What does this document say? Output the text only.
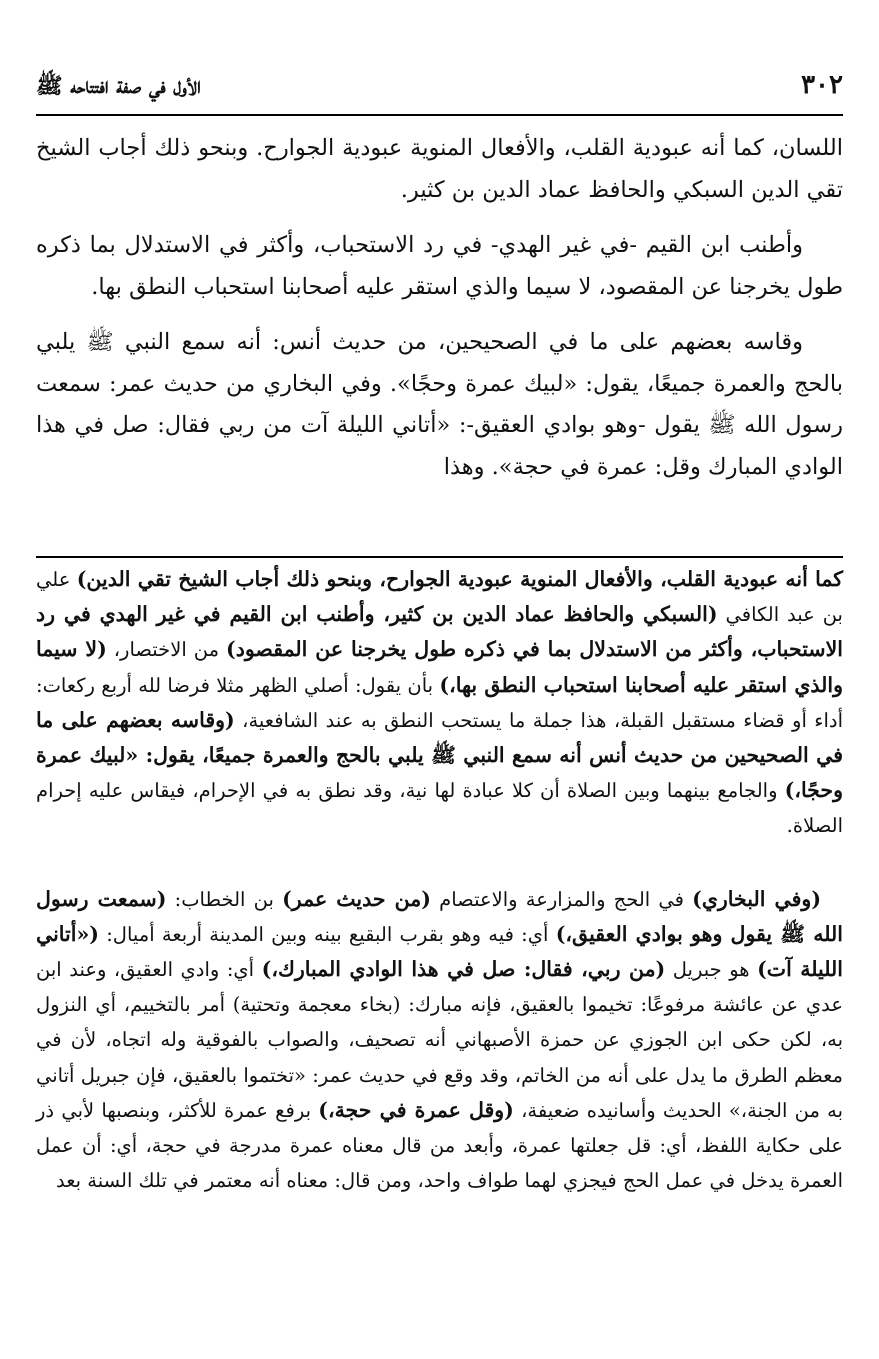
٣٠٢
الأول في صفة افتتاحه ﷺ

اللسان، كما أنه عبودية القلب، والأفعال المنوية عبودية الجوارح. وبنحو ذلك أجاب الشيخ تقي الدين السبكي والحافظ عماد الدين بن كثير.

وأطنب ابن القيم -في غير الهدي- في رد الاستحباب، وأكثر في الاستدلال بما ذكره طول يخرجنا عن المقصود، لا سيما والذي استقر عليه أصحابنا استحباب النطق بها.

وقاسه بعضهم على ما في الصحيحين، من حديث أنس: أنه سمع النبي ﷺ يلبي بالحج والعمرة جميعًا، يقول: «لبيك عمرة وحجًا». وفي البخاري من حديث عمر: سمعت رسول الله ﷺ يقول -وهو بوادي العقيق-: «أتاني الليلة آت من ربي فقال: صل في هذا الوادي المبارك وقل: عمرة في حجة». وهذا

كما أنه عبودية القلب، والأفعال المنوية عبودية الجوارح، وبنحو ذلك أجاب الشيخ تقي الدين) علي بن عبد الكافي (السبكي والحافظ عماد الدين بن كثير، وأطنب ابن القيم في غير الهدي في رد الاستحباب، وأكثر من الاستدلال بما في ذكره طول يخرجنا عن المقصود) من الاختصار، (لا سيما والذي استقر عليه أصحابنا استحباب النطق بها،) بأن يقول: أصلي الظهر مثلا فرضا لله أربع ركعات: أداء أو قضاء مستقبل القبلة، هذا جملة ما يستحب النطق به عند الشافعية، (وقاسه بعضهم على ما في الصحيحين من حديث أنس أنه سمع النبي ﷺ يلبي بالحج والعمرة جميعًا، يقول: «لبيك عمرة وحجًا،) والجامع بينهما وبين الصلاة أن كلا عبادة لها نية، وقد نطق به في الإحرام، فيقاس عليه إحرام الصلاة.

(وفي البخاري) في الحج والمزارعة والاعتصام (من حديث عمر) بن الخطاب: (سمعت رسول الله ﷺ يقول وهو بوادي العقيق،) أي: فيه وهو بقرب البقيع بينه وبين المدينة أربعة أميال: («أتاني الليلة آت) هو جبريل (من ربي، فقال: صل في هذا الوادي المبارك،) أي: وادي العقيق، وعند ابن عدي عن عائشة مرفوعًا: تخيموا بالعقيق، فإنه مبارك: (بخاء معجمة وتحتية) أمر بالتخييم، أي النزول به، لكن حكى ابن الجوزي عن حمزة الأصبهاني أنه تصحيف، والصواب بالفوقية وله اتجاه، لأن في معظم الطرق ما يدل على أنه من الخاتم، وقد وقع في حديث عمر: «تختموا بالعقيق، فإن جبريل أتاني به من الجنة،» الحديث وأسانيده ضعيفة، (وقل عمرة في حجة،) برفع عمرة للأكثر، وبنصبها لأبي ذر على حكاية اللفظ، أي: قل جعلتها عمرة، وأبعد من قال معناه عمرة مدرجة في حجة، أي: أن عمل العمرة يدخل في عمل الحج فيجزي لهما طواف واحد، ومن قال: معناه أنه معتمر في تلك السنة بعد
